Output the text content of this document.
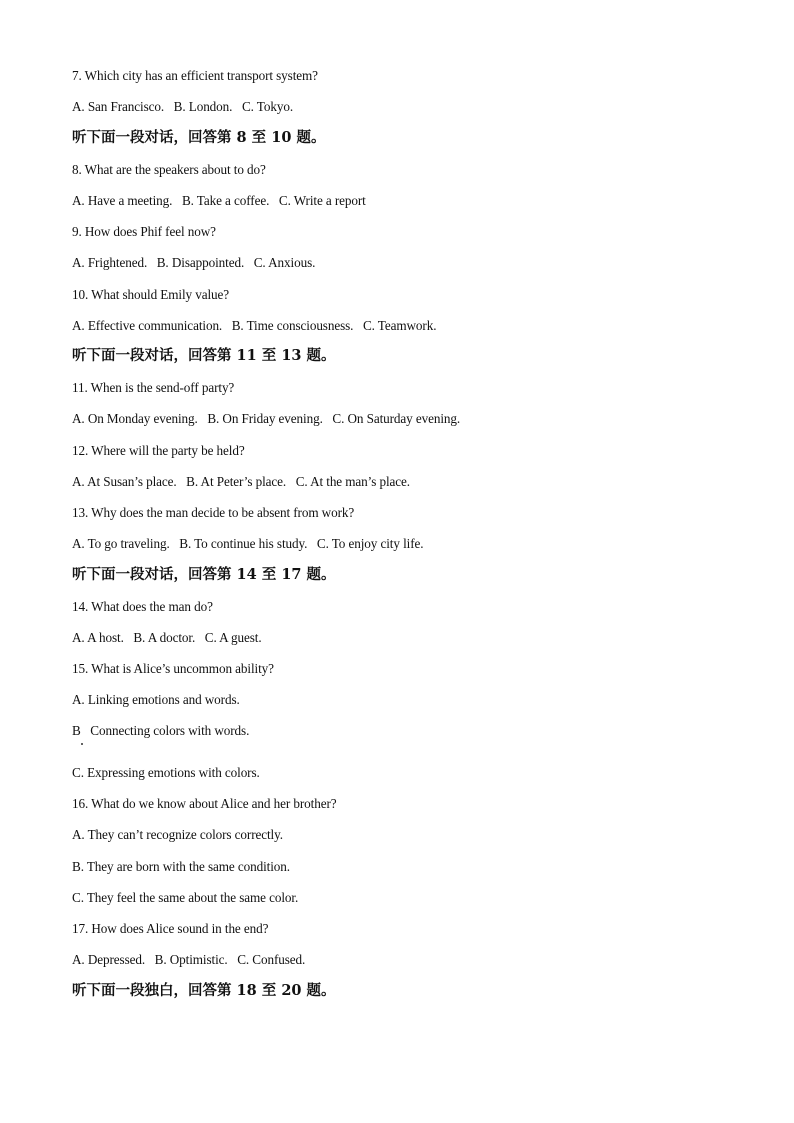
7. Which city has an efficient transport system?
A. San Francisco.   B. London.   C. Tokyo.
听下面一段对话，回答第 8 至 10 题。
8. What are the speakers about to do?
A. Have a meeting.   B. Take a coffee.   C. Write a report
9. How does Phif feel now?
A. Frightened.   B. Disappointed.   C. Anxious.
10. What should Emily value?
A. Effective communication.   B. Time consciousness.   C. Teamwork.
听下面一段对话，回答第 11 至 13 题。
11. When is the send-off party?
A. On Monday evening.   B. On Friday evening.   C. On Saturday evening.
12. Where will the party be held?
A. At Susan’s place.   B. At Peter’s place.   C. At the man’s place.
13. Why does the man decide to be absent from work?
A. To go traveling.   B. To continue his study.   C. To enjoy city life.
听下面一段对话，回答第 14 至 17 题。
14. What does the man do?
A. A host.   B. A doctor.   C. A guest.
15. What is Alice’s uncommon ability?
A. Linking emotions and words.
B   Connecting colors with words.
C. Expressing emotions with colors.
16. What do we know about Alice and her brother?
A. They can’t recognize colors correctly.
B. They are born with the same condition.
C. They feel the same about the same color.
17. How does Alice sound in the end?
A. Depressed.   B. Optimistic.   C. Confused.
听下面一段独白，回答第 18 至 20 题。
